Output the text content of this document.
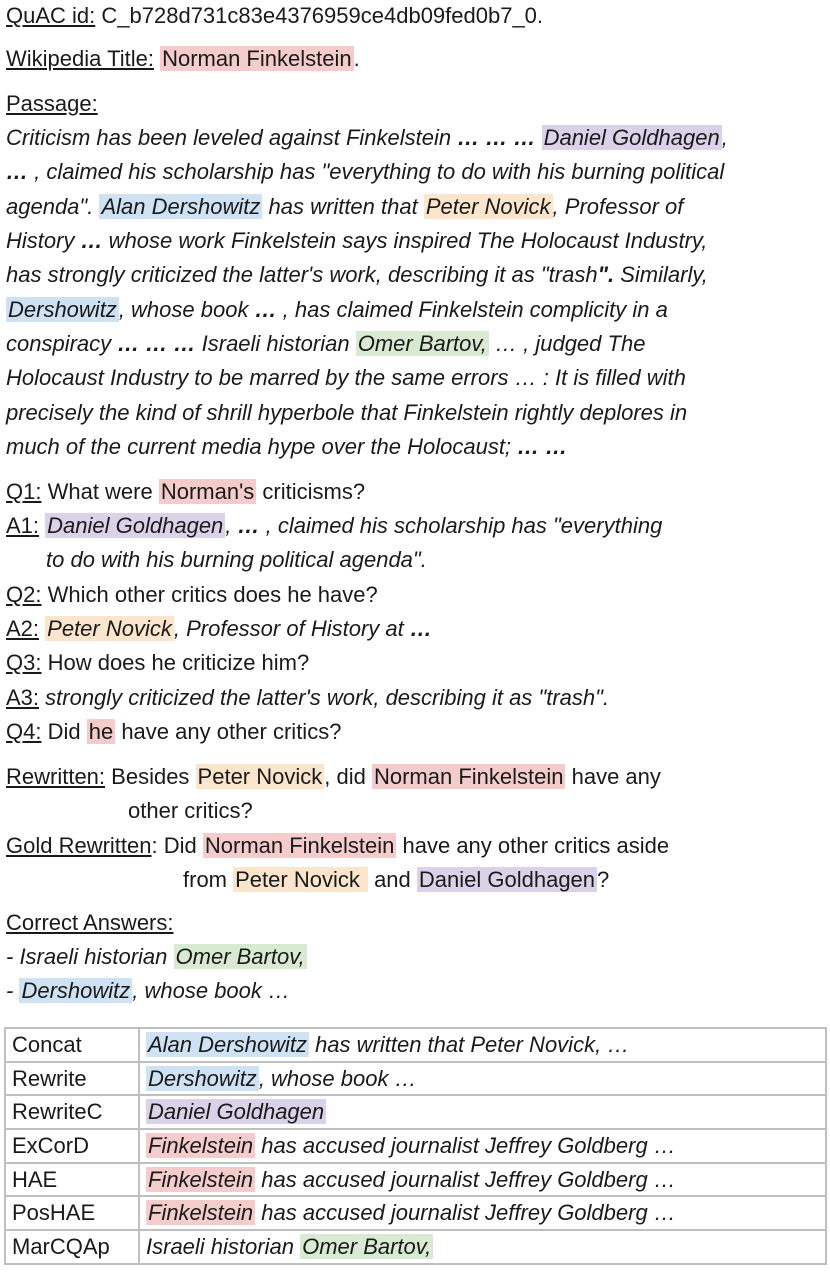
QuAC id: C_b728d731c83e4376959ce4db09fed0b7_0.
Wikipedia Title: Norman Finkelstein.
Passage:
Criticism has been leveled against Finkelstein … … … Daniel Goldhagen,
… , claimed his scholarship has "everything to do with his burning political
agenda". Alan Dershowitz has written that Peter Novick, Professor of
History … whose work Finkelstein says inspired The Holocaust Industry,
has strongly criticized the latter's work, describing it as "trash". Similarly,
Dershowitz, whose book … , has claimed Finkelstein complicity in a
conspiracy … … … Israeli historian Omer Bartov, … , judged The
Holocaust Industry to be marred by the same errors … : It is filled with
precisely the kind of shrill hyperbole that Finkelstein rightly deplores in
much of the current media hype over the Holocaust; … …
Q1: What were Norman's criticisms?
A1: Daniel Goldhagen, … , claimed his scholarship has "everything
to do with his burning political agenda".
Q2: Which other critics does he have?
A2: Peter Novick, Professor of History at …
Q3: How does he criticize him?
A3: strongly criticized the latter's work, describing it as "trash".
Q4: Did he have any other critics?
Rewritten: Besides Peter Novick, did Norman Finkelstein have any
other critics?
Gold Rewritten: Did Norman Finkelstein have any other critics aside
from Peter Novick  and Daniel Goldhagen?
Correct Answers:
- Israeli historian Omer Bartov,
- Dershowitz, whose book …
Concat	Alan Dershowitz has written that Peter Novick, …
Rewrite	Dershowitz, whose book …
RewriteC	Daniel Goldhagen
ExCorD	Finkelstein has accused journalist Jeffrey Goldberg …
HAE	Finkelstein has accused journalist Jeffrey Goldberg …
PosHAE	Finkelstein has accused journalist Jeffrey Goldberg …
MarCQAp	Israeli historian Omer Bartov,
